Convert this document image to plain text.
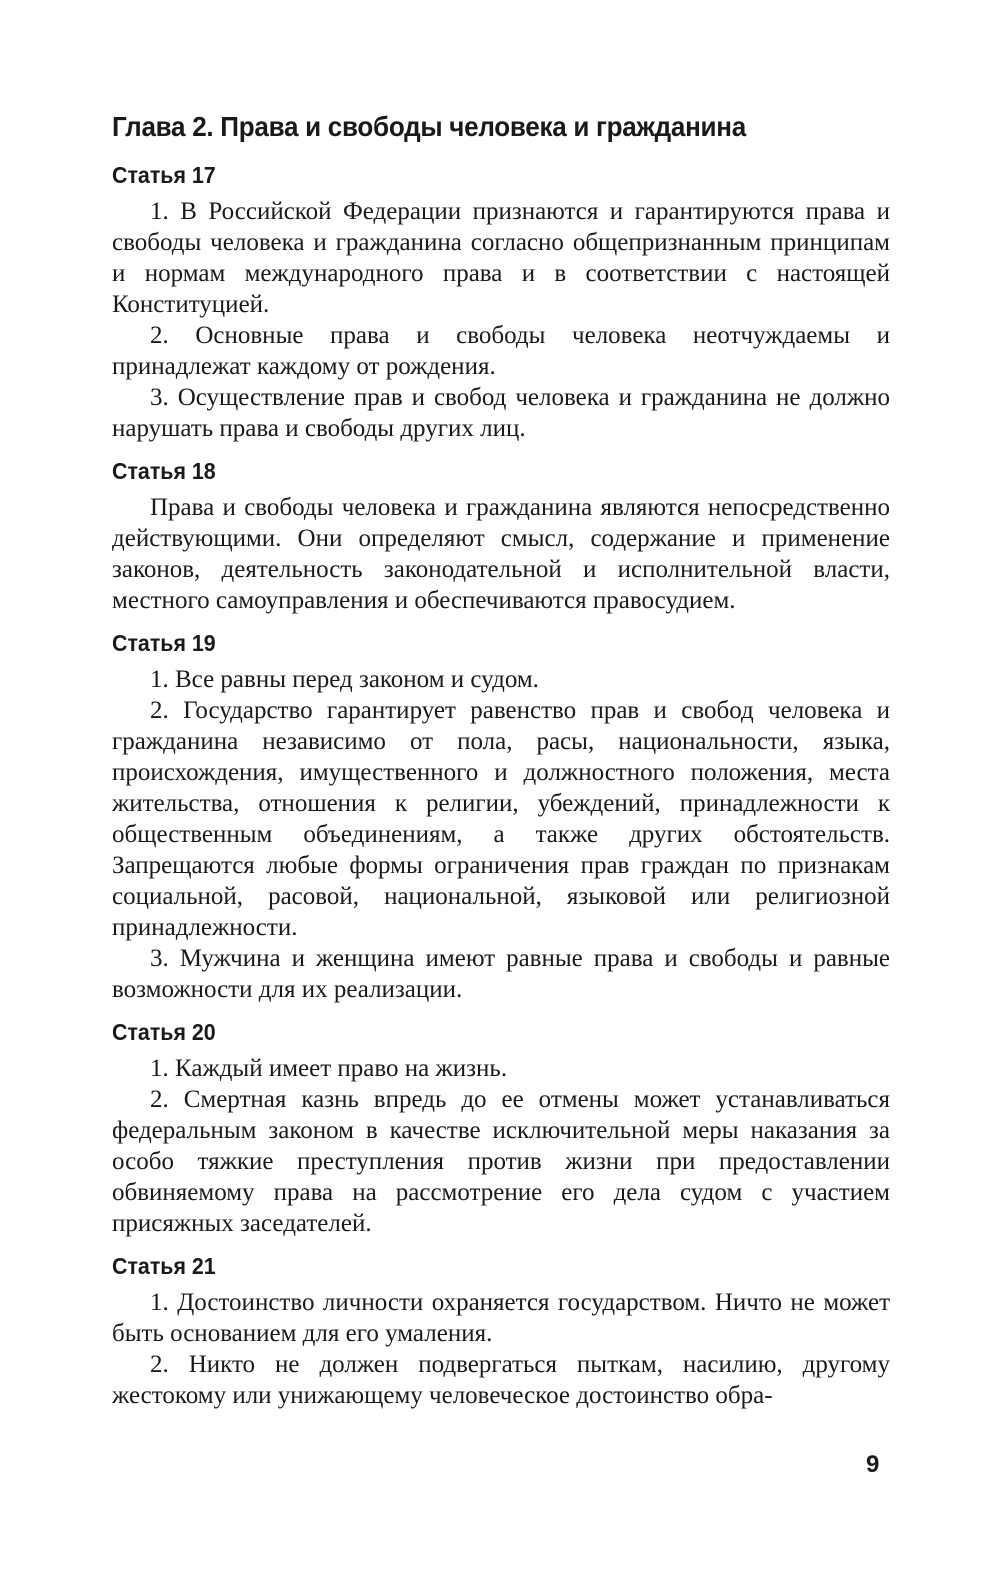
Глава 2. Права и свободы человека и гражданина
Статья 17

1. В Российской Федерации признаются и гарантируются права и свободы человека и гражданина согласно общепризнанным принципам и нормам международного права и в соответствии с настоящей Конституцией.

2. Основные права и свободы человека неотчуждаемы и принадлежат каждому от рождения.

3. Осуществление прав и свобод человека и гражданина не должно нарушать права и свободы других лиц.

Статья 18

Права и свободы человека и гражданина являются непосредственно действующими. Они определяют смысл, содержание и применение законов, деятельность законодательной и исполнительной власти, местного самоуправления и обеспечиваются правосудием.

Статья 19

1. Все равны перед законом и судом.

2. Государство гарантирует равенство прав и свобод человека и гражданина независимо от пола, расы, национальности, языка, происхождения, имущественного и должностного положения, места жительства, отношения к религии, убеждений, принадлежности к общественным объединениям, а также других обстоятельств. Запрещаются любые формы ограничения прав граждан по признакам социальной, расовой, национальной, языковой или религиозной принадлежности.

3. Мужчина и женщина имеют равные права и свободы и равные возможности для их реализации.

Статья 20

1. Каждый имеет право на жизнь.

2. Смертная казнь впредь до ее отмены может устанавливаться федеральным законом в качестве исключительной меры наказания за особо тяжкие преступления против жизни при предоставлении обвиняемому права на рассмотрение его дела судом с участием присяжных заседателей.

Статья 21

1. Достоинство личности охраняется государством. Ничто не может быть основанием для его умаления.

2. Никто не должен подвергаться пыткам, насилию, другому жестокому или унижающему человеческое достоинство обра-

9
